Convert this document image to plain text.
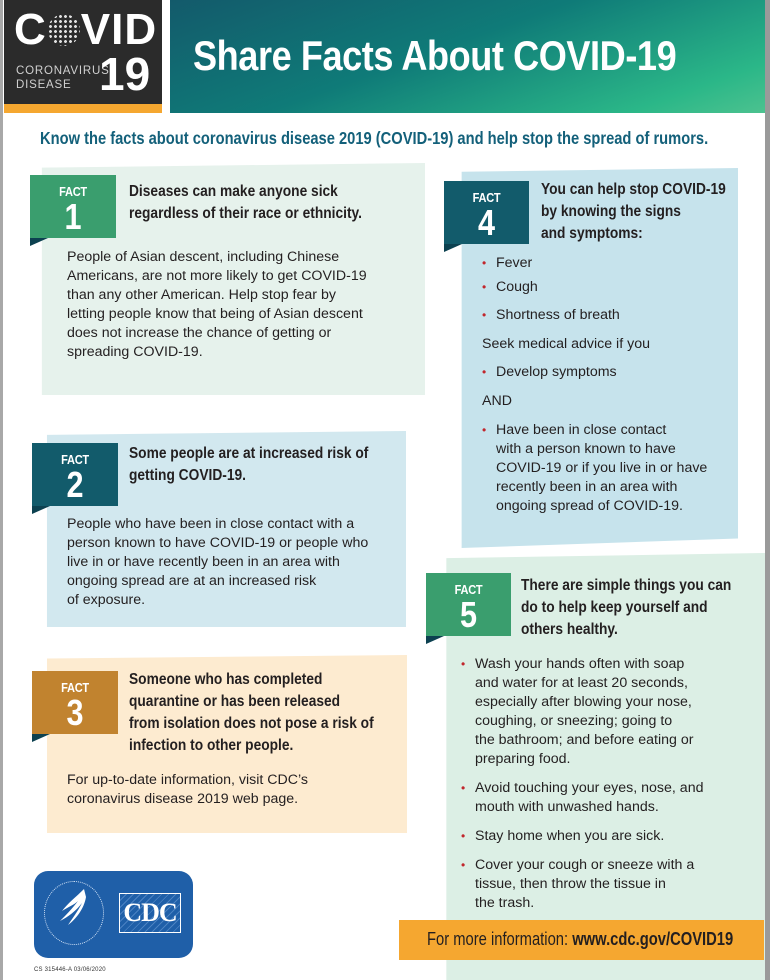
C VID
CORONAVIRUS
DISEASE 19 Share Facts About COVID-19
Know the facts about coronavirus disease 2019 (COVID-19) and help stop the spread of rumors.
FACT
1
Diseases can make anyone sick
regardless of their race or ethnicity.
People of Asian descent, including Chinese
Americans, are not more likely to get COVID-19
than any other American. Help stop fear by
letting people know that being of Asian descent
does not increase the chance of getting or
spreading COVID-19.
FACT
2
Some people are at increased risk of
getting COVID-19.
People who have been in close contact with a
person known to have COVID-19 or people who
live in or have recently been in an area with
ongoing spread are at an increased risk
of exposure.
FACT
3
Someone who has completed
quarantine or has been released
from isolation does not pose a risk of
infection to other people.
For up-to-date information, visit CDC’s
coronavirus disease 2019 web page.
FACT
4
You can help stop COVID-19
by knowing the signs
and symptoms:
• Fever
• Cough
• Shortness of breath
Seek medical advice if you
• Develop symptoms
AND
• Have been in close contact
with a person known to have
COVID-19 or if you live in or have
recently been in an area with
ongoing spread of COVID-19.
FACT
5
There are simple things you can
do to help keep yourself and
others healthy.
• Wash your hands often with soap
and water for at least 20 seconds,
especially after blowing your nose,
coughing, or sneezing; going to
the bathroom; and before eating or
preparing food.
• Avoid touching your eyes, nose, and
mouth with unwashed hands.
• Stay home when you are sick.
• Cover your cough or sneeze with a
tissue, then throw the tissue in
the trash.
CDC
CS 315446-A 03/06/2020
For more information: www.cdc.gov/COVID19
